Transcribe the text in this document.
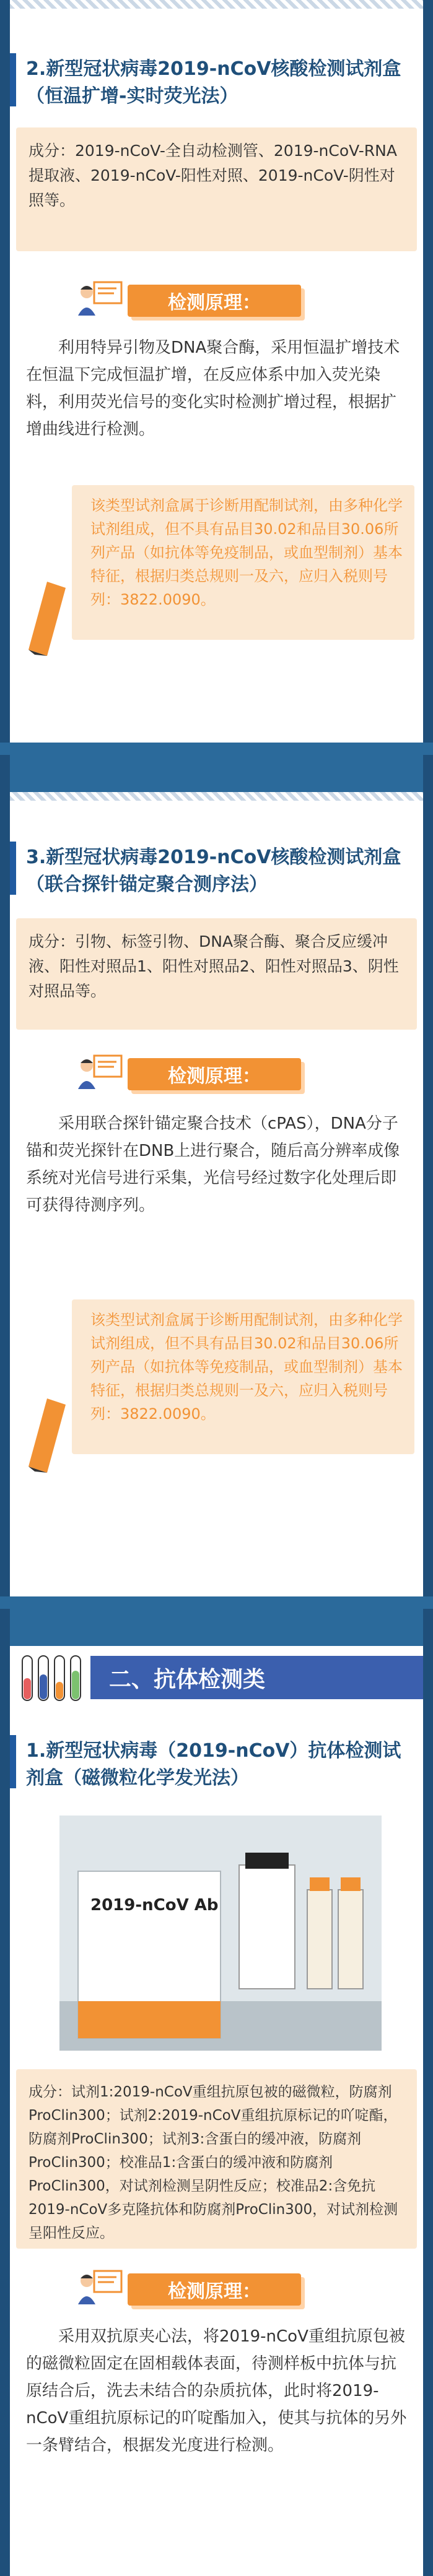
2.新型冠状病毒2019-nCoV核酸检测试剂盒（恒温扩增-实时荧光法）
成分：2019-nCoV-全自动检测管、2019-nCoV-RNA提取液、2019-nCoV-阳性对照、2019-nCoV-阴性对照等。
检测原理：
利用特异引物及DNA聚合酶，采用恒温扩增技术在恒温下完成恒温扩增，在反应体系中加入荧光染料，利用荧光信号的变化实时检测扩增过程，根据扩增曲线进行检测。
该类型试剂盒属于诊断用配制试剂，由多种化学试剂组成，但不具有品目30.02和品目30.06所列产品（如抗体等免疫制品，或血型制剂）基本特征，根据归类总规则一及六，应归入税则号列：3822.0090。
3.新型冠状病毒2019-nCoV核酸检测试剂盒（联合探针锚定聚合测序法）
成分：引物、标签引物、DNA聚合酶、聚合反应缓冲液、阳性对照品1、阳性对照品2、阳性对照品3、阴性对照品等。
检测原理：
采用联合探针锚定聚合技术（cPAS），DNA分子锚和荧光探针在DNB上进行聚合，随后高分辨率成像系统对光信号进行采集，光信号经过数字化处理后即可获得待测序列。
该类型试剂盒属于诊断用配制试剂，由多种化学试剂组成，但不具有品目30.02和品目30.06所列产品（如抗体等免疫制品，或血型制剂）基本特征，根据归类总规则一及六，应归入税则号列：3822.0090。
二、抗体检测类
1.新型冠状病毒（2019-nCoV）抗体检测试剂盒（磁微粒化学发光法）
2019-nCoV Ab
成分：试剂1:2019-nCoV重组抗原包被的磁微粒，防腐剂ProClin300；试剂2:2019-nCoV重组抗原标记的吖啶酯，防腐剂ProClin300；试剂3:含蛋白的缓冲液，防腐剂ProClin300；校准品1:含蛋白的缓冲液和防腐剂ProClin300，对试剂检测呈阴性反应；校准品2:含免抗2019-nCoV多克隆抗体和防腐剂ProClin300，对试剂检测呈阳性反应。
检测原理：
采用双抗原夹心法，将2019-nCoV重组抗原包被的磁微粒固定在固相载体表面，待测样板中抗体与抗原结合后，洗去未结合的杂质抗体，此时将2019-nCoV重组抗原标记的吖啶酯加入，使其与抗体的另外一条臂结合，根据发光度进行检测。
